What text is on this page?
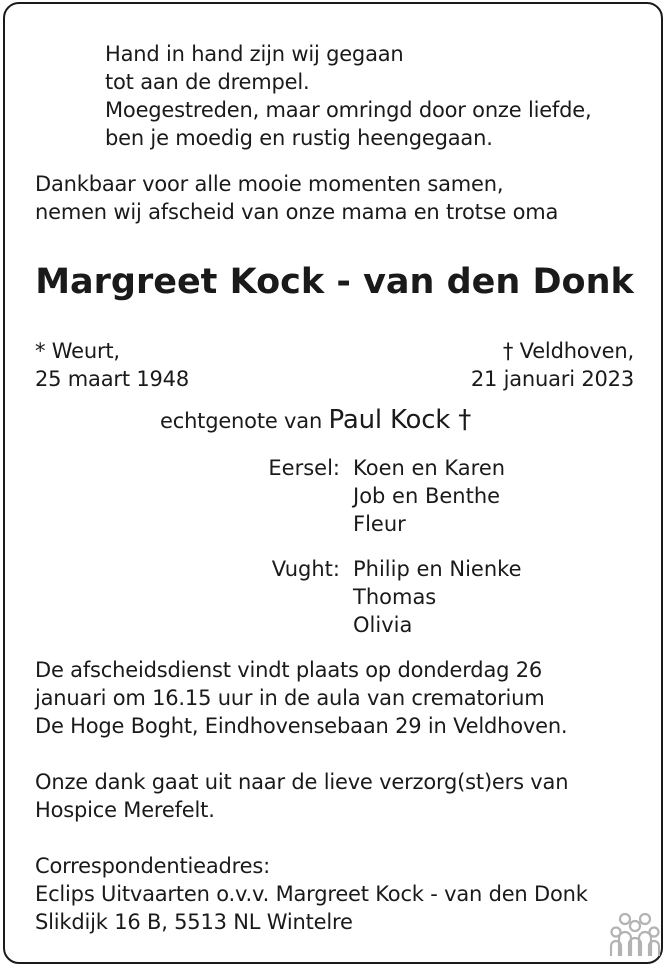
Hand in hand zijn wij gegaan
tot aan de drempel.
Moegestreden, maar omringd door onze liefde,
ben je moedig en rustig heengegaan.
Dankbaar voor alle mooie momenten samen,
nemen wij afscheid van onze mama en trotse oma
Margreet Kock - van den Donk
* Weurt,
25 maart 1948
† Veldhoven,
21 januari 2023
echtgenote van Paul Kock †
Eersel: Koen en Karen
Job en Benthe
Fleur
Vught: Philip en Nienke
Thomas
Olivia
De afscheidsdienst vindt plaats op donderdag 26
januari om 16.15 uur in de aula van crematorium
De Hoge Boght, Eindhovensebaan 29 in Veldhoven.
Onze dank gaat uit naar de lieve verzorg(st)ers van
Hospice Merefelt.
Correspondentieadres:
Eclips Uitvaarten o.v.v. Margreet Kock - van den Donk
Slikdijk 16 B, 5513 NL Wintelre
